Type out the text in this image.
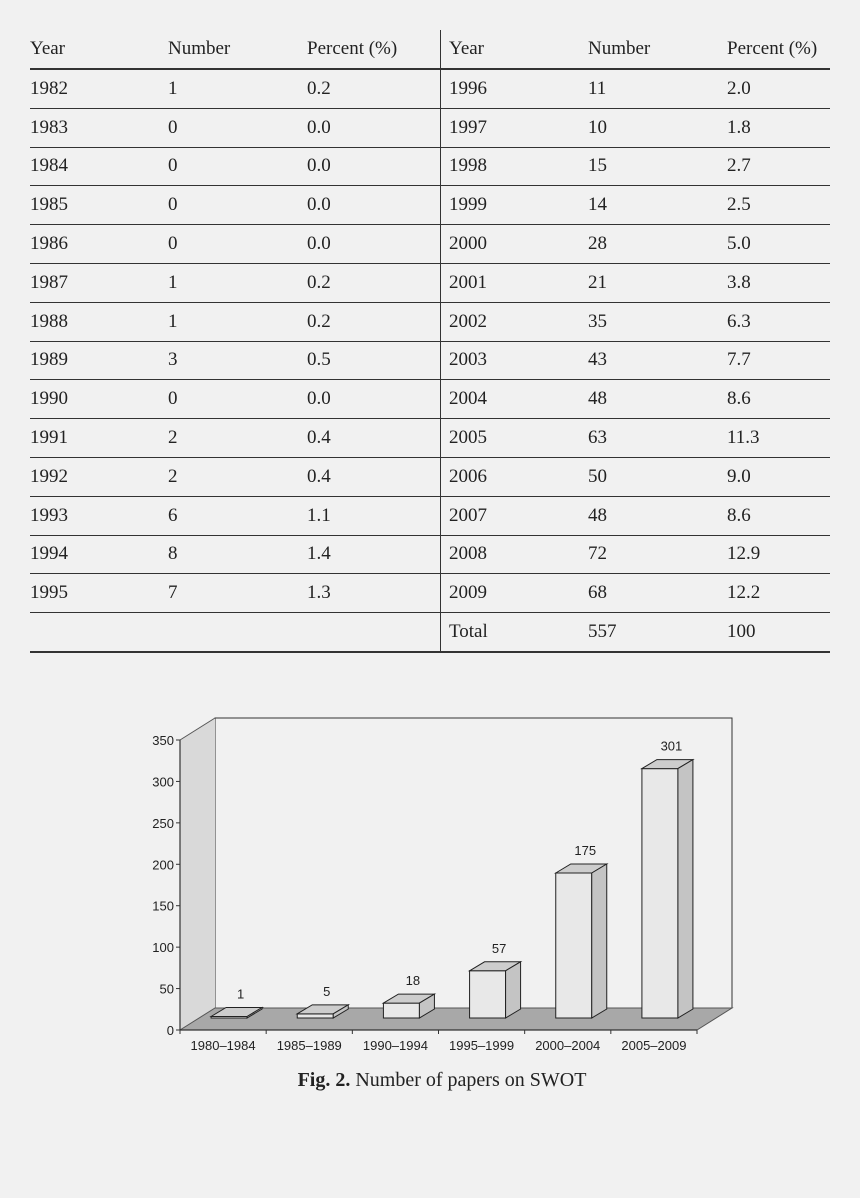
Year	Number	Percent (%)	Year	Number	Percent (%)
1982	1	0.2	1996	11	2.0
1983	0	0.0	1997	10	1.8
1984	0	0.0	1998	15	2.7
1985	0	0.0	1999	14	2.5
1986	0	0.0	2000	28	5.0
1987	1	0.2	2001	21	3.8
1988	1	0.2	2002	35	6.3
1989	3	0.5	2003	43	7.7
1990	0	0.0	2004	48	8.6
1991	2	0.4	2005	63	11.3
1992	2	0.4	2006	50	9.0
1993	6	1.1	2007	48	8.6
1994	8	1.4	2008	72	12.9
1995	7	1.3	2009	68	12.2
			Total	557	100
0
50
100
150
200
250
300
350
1980–1984 1985–1989 1990–1994 1995–1999 2000–2004 2005–2009
1	5
18
57
175
301
Fig. 2. Number of papers on SWOT
